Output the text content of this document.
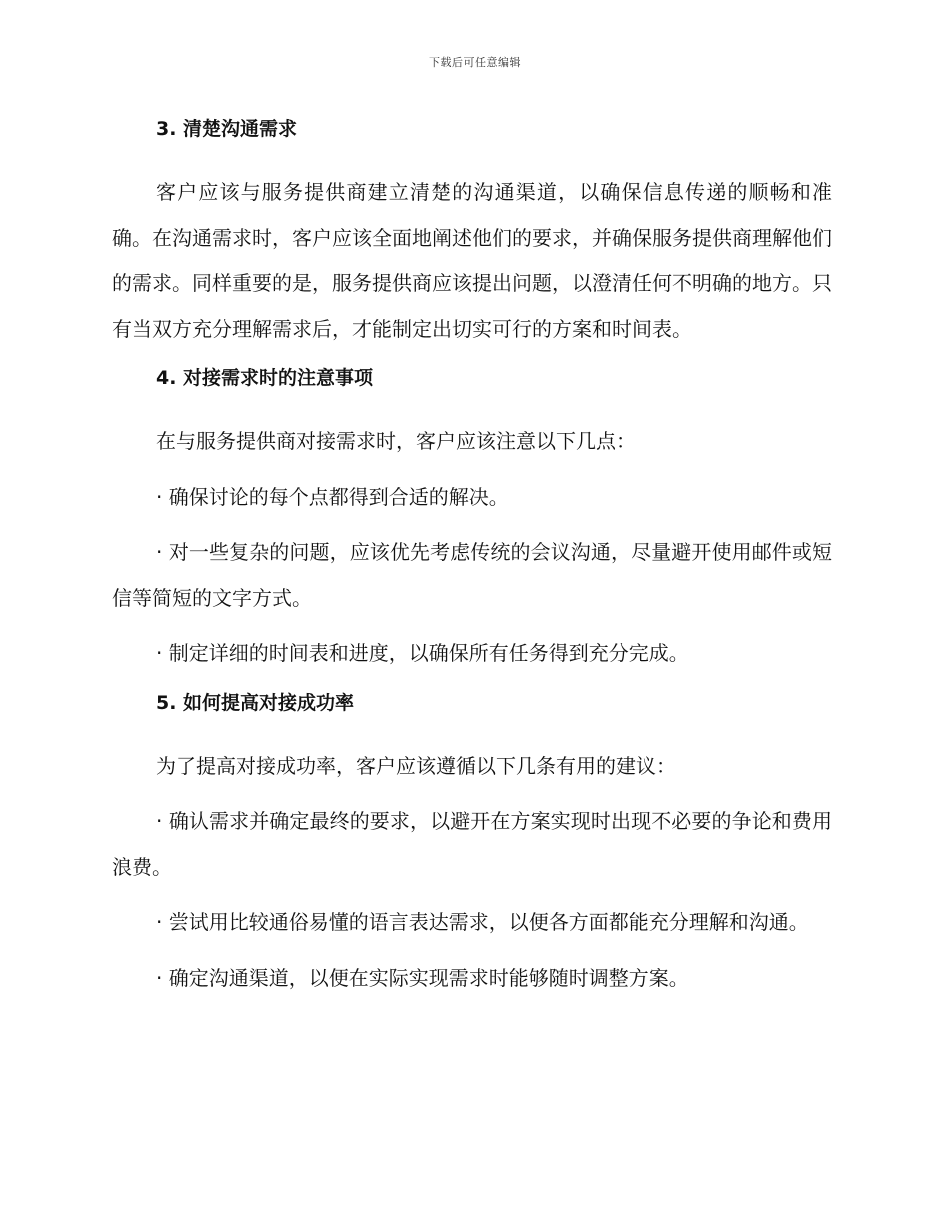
下载后可任意编辑
3. 清楚沟通需求

客户应该与服务提供商建立清楚的沟通渠道，以确保信息传递的顺畅和准确。在沟通需求时，客户应该全面地阐述他们的要求，并确保服务提供商理解他们的需求。同样重要的是，服务提供商应该提出问题，以澄清任何不明确的地方。只有当双方充分理解需求后，才能制定出切实可行的方案和时间表。

4. 对接需求时的注意事项

在与服务提供商对接需求时，客户应该注意以下几点：

· 确保讨论的每个点都得到合适的解决。

· 对一些复杂的问题，应该优先考虑传统的会议沟通，尽量避开使用邮件或短信等简短的文字方式。

· 制定详细的时间表和进度，以确保所有任务得到充分完成。

5. 如何提高对接成功率

为了提高对接成功率，客户应该遵循以下几条有用的建议：

· 确认需求并确定最终的要求，以避开在方案实现时出现不必要的争论和费用浪费。

· 尝试用比较通俗易懂的语言表达需求，以便各方面都能充分理解和沟通。

· 确定沟通渠道，以便在实际实现需求时能够随时调整方案。
